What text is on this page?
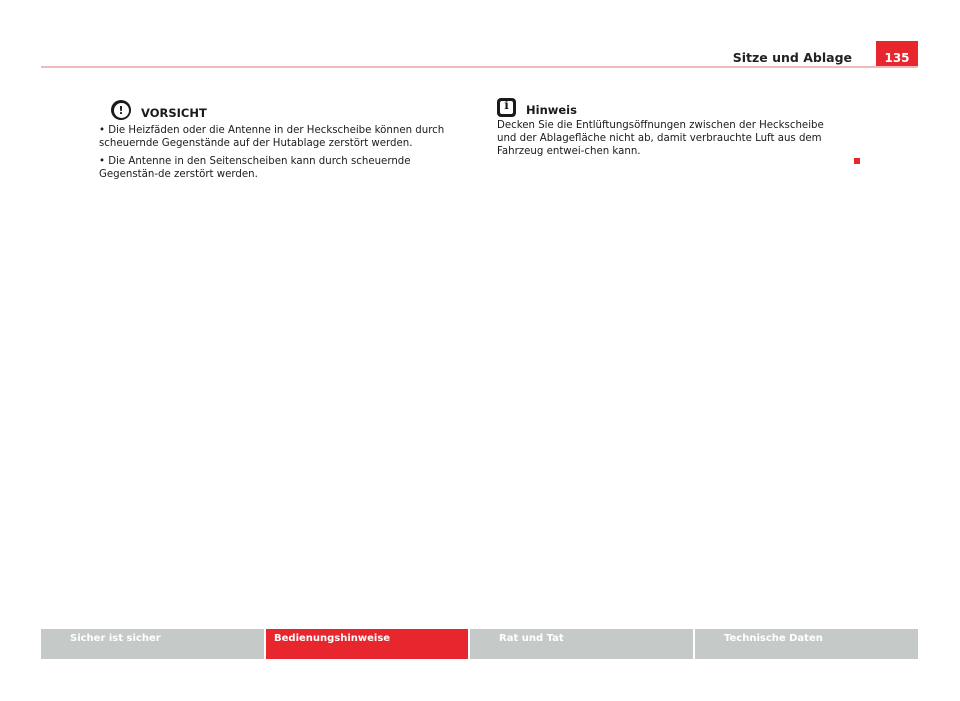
Sitze und Ablage	135
!	VORSICHT

• Die Heizfäden oder die Antenne in der Heckscheibe können durch scheuernde Gegenstände auf der Hutablage zerstört werden.

• Die Antenne in den Seitenscheiben kann durch scheuernde Gegenstän-de zerstört werden.

i
Hinweis

Decken Sie die Entlüftungsöffnungen zwischen der Heckscheibe und der Ablagefläche nicht ab, damit verbrauchte Luft aus dem Fahrzeug entwei-chen kann.

Sicher ist sicher	Bedienungshinweise	Rat und Tat	Technische Daten
